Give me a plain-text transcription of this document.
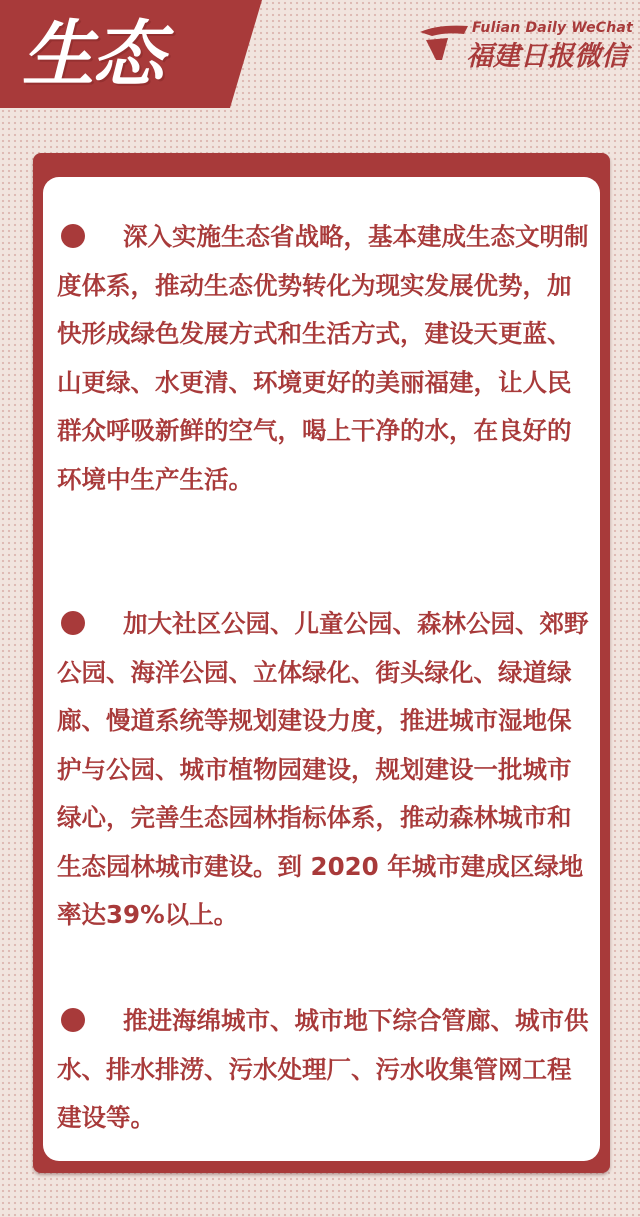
生态	Fulian Daily WeChat
福建日报微信

深入实施生态省战略，基本建成生态文明制度体系，推动生态优势转化为现实发展优势，加快形成绿色发展方式和生活方式，建设天更蓝、山更绿、水更清、环境更好的美丽福建，让人民群众呼吸新鲜的空气，喝上干净的水，在良好的环境中生产生活。

加大社区公园、儿童公园、森林公园、郊野公园、海洋公园、立体绿化、街头绿化、绿道绿廊、慢道系统等规划建设力度，推进城市湿地保护与公园、城市植物园建设，规划建设一批城市绿心，完善生态园林指标体系，推动森林城市和生态园林城市建设。到 2020 年城市建成区绿地率达39%以上。

推进海绵城市、城市地下综合管廊、城市供水、排水排涝、污水处理厂、污水收集管网工程建设等。
